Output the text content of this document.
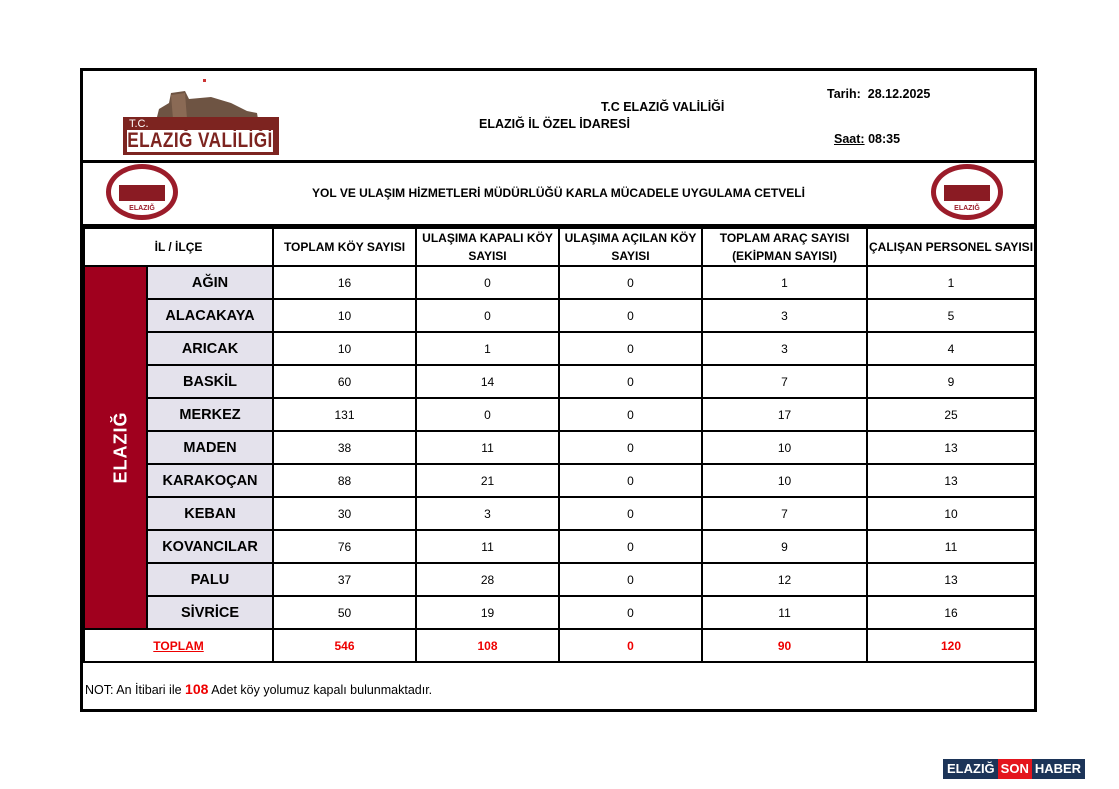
T.C.
ELAZIĞ VALİLİĞİ
T.C ELAZIĞ VALİLİĞİ
ELAZIĞ İL ÖZEL İDARESİ
Tarih: 28.12.2025
Saat: 08:35
ELAZIĞ
YOL VE ULAŞIM HİZMETLERİ MÜDÜRLÜĞÜ KARLA MÜCADELE UYGULAMA CETVELİ
ELAZIĞ
İL / İLÇE		TOPLAM KÖY SAYISI	ULAŞIMA KAPALI KÖY SAYISI	ULAŞIMA AÇILAN KÖY SAYISI	TOPLAM ARAÇ SAYISI (EKİPMAN SAYISI)	ÇALIŞAN PERSONEL SAYISI
ELAZIĞ	AĞIN	16	0	0	1	1
	ALACAKAYA	10	0	0	3	5
	ARICAK	10	1	0	3	4
	BASKİL	60	14	0	7	9
	MERKEZ	131	0	0	17	25
	MADEN	38	11	0	10	13
	KARAKOÇAN	88	21	0	10	13
	KEBAN	30	3	0	7	10
	KOVANCILAR	76	11	0	9	11
	PALU	37	28	0	12	13
	SİVRİCE	50	19	0	11	16
TOPLAM		546	108	0	90	120
NOT: An İtibari ile 108 Adet köy yolumuz kapalı bulunmaktadır.
ELAZIĞ SON HABER
